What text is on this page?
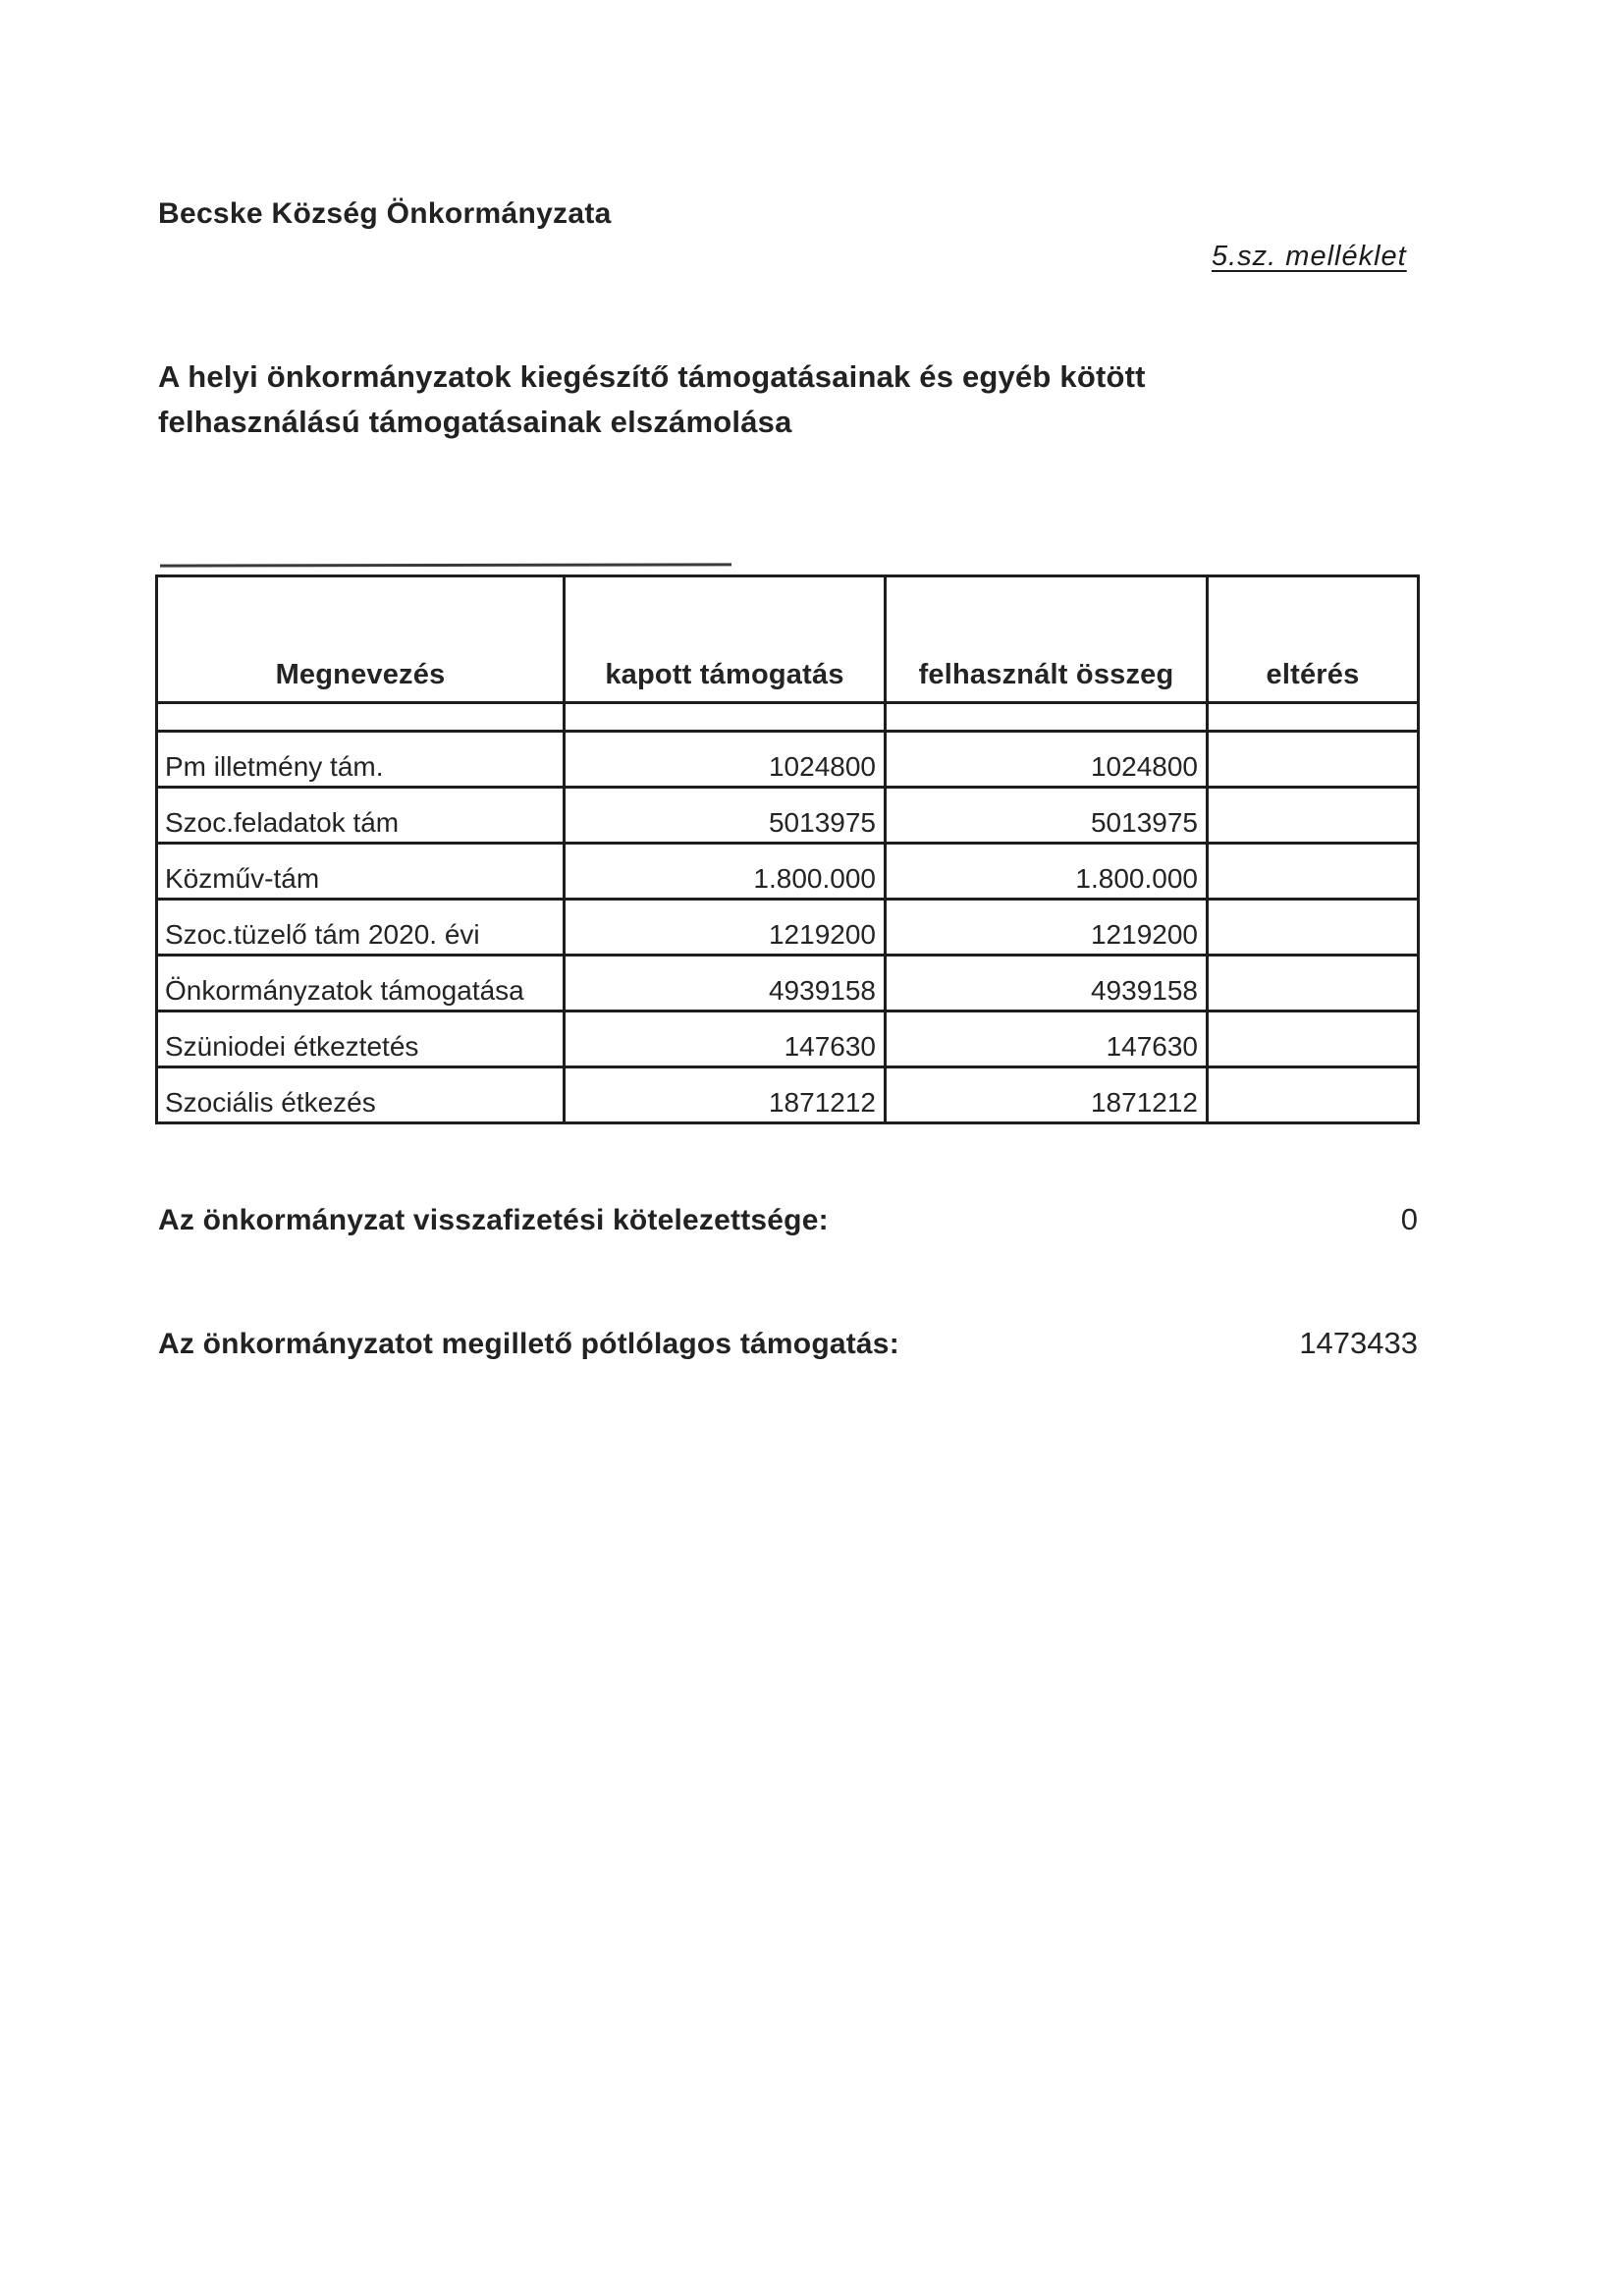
Becske Község Önkormányzata
5.sz. melléklet
A helyi önkormányzatok kiegészítő támogatásainak és egyéb kötött
felhasználású támogatásainak elszámolása
Megnevezés	kapott támogatás	felhasznált összeg	eltérés

Pm illetmény tám.	1024800	1024800	
Szoc.feladatok tám	5013975	5013975	
Közműv-tám	1.800.000	1.800.000	
Szoc.tüzelő tám 2020. évi	1219200	1219200	
Önkormányzatok támogatása	4939158	4939158	
Szüniodei étkeztetés	147630	147630	
Szociális étkezés	1871212	1871212	
Az önkormányzat visszafizetési kötelezettsége:	0
Az önkormányzatot megillető pótlólagos támogatás:	1473433
